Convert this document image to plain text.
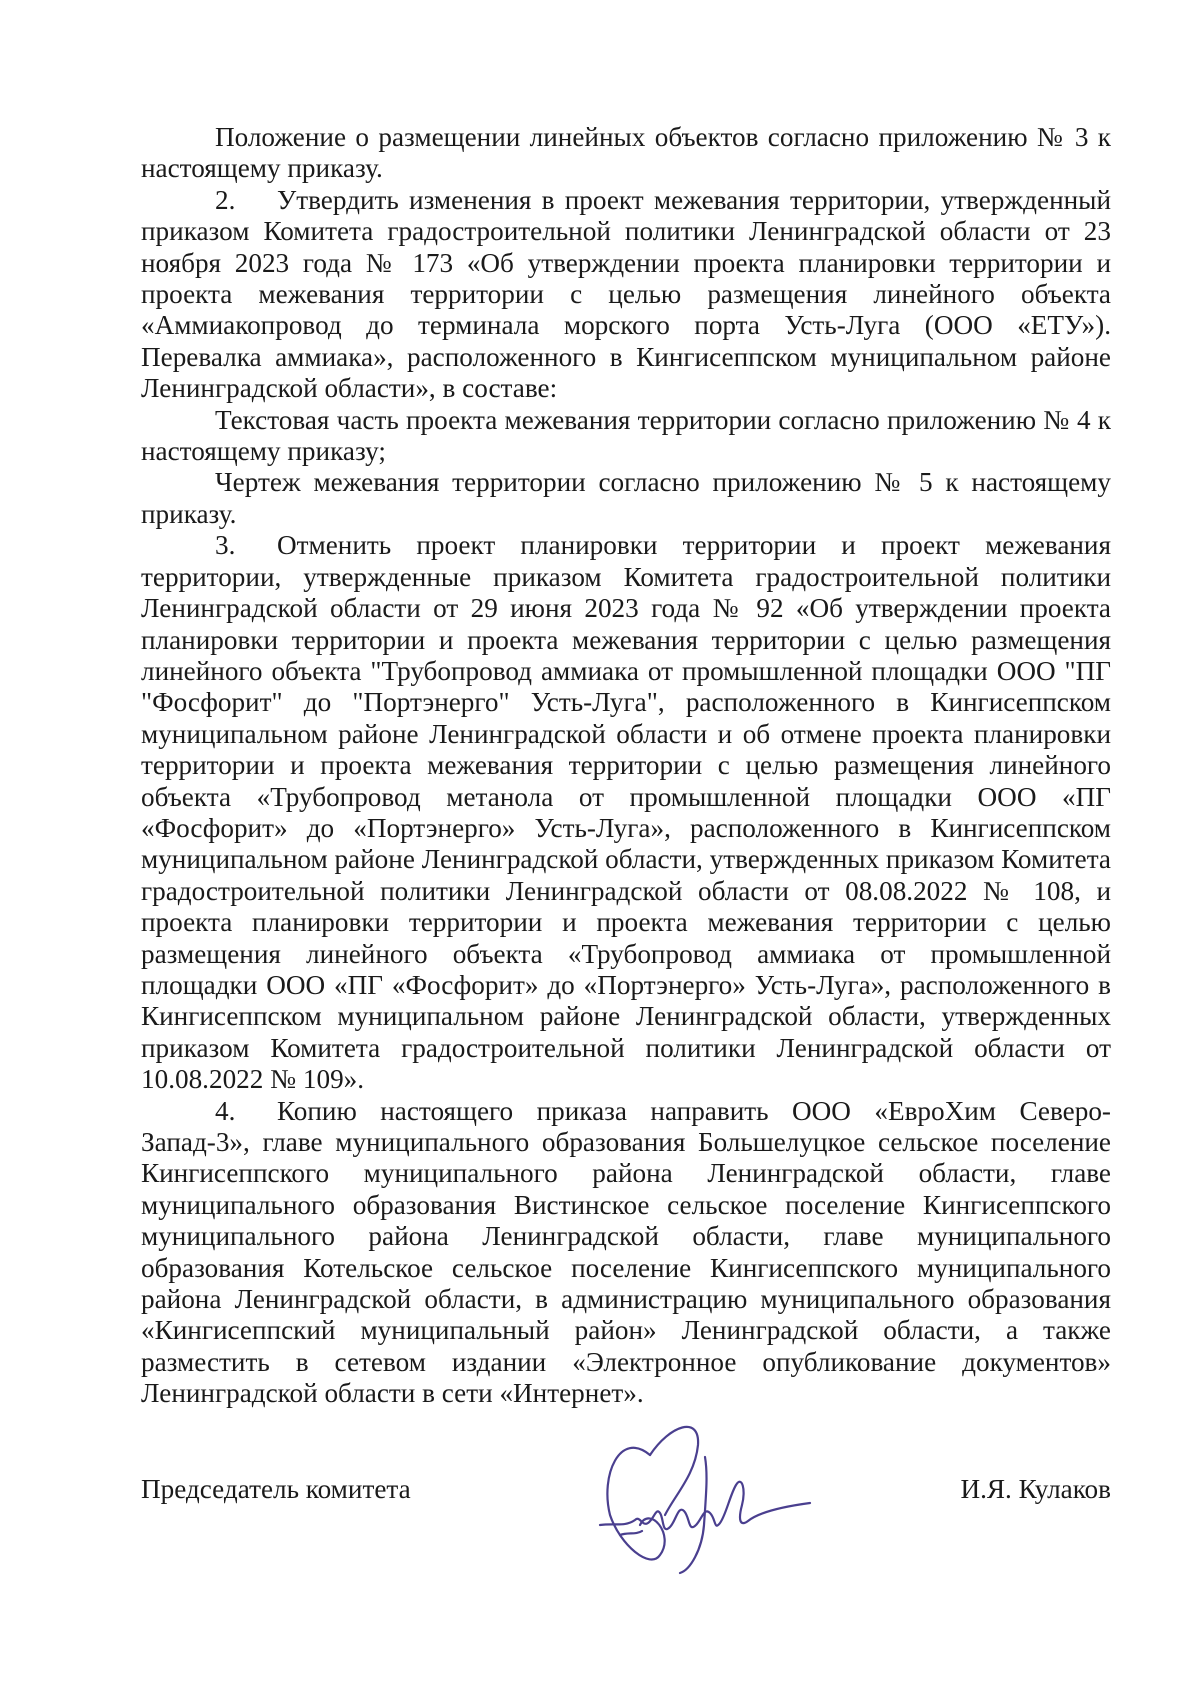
Положение о размещении линейных объектов согласно приложению № 3 к настоящему приказу.

2. Утвердить изменения в проект межевания территории, утвержденный приказом Комитета градостроительной политики Ленинградской области от 23 ноября 2023 года № 173 «Об утверждении проекта планировки территории и проекта межевания территории с целью размещения линейного объекта «Аммиакопровод до терминала морского порта Усть-Луга (ООО «ЕТУ»). Перевалка аммиака», расположенного в Кингисеппском муниципальном районе Ленинградской области», в составе:

Текстовая часть проекта межевания территории согласно приложению № 4 к настоящему приказу;

Чертеж межевания территории согласно приложению № 5 к настоящему приказу.

3. Отменить проект планировки территории и проект межевания территории, утвержденные приказом Комитета градостроительной политики Ленинградской области от 29 июня 2023 года № 92 «Об утверждении проекта планировки территории и проекта межевания территории с целью размещения линейного объекта "Трубопровод аммиака от промышленной площадки ООО "ПГ "Фосфорит" до "Портэнерго" Усть-Луга", расположенного в Кингисеппском муниципальном районе Ленинградской области и об отмене проекта планировки территории и проекта межевания территории с целью размещения линейного объекта «Трубопровод метанола от промышленной площадки ООО «ПГ «Фосфорит» до «Портэнерго» Усть-Луга», расположенного в Кингисеппском муниципальном районе Ленинградской области, утвержденных приказом Комитета градостроительной политики Ленинградской области от 08.08.2022 № 108, и проекта планировки территории и проекта межевания территории с целью размещения линейного объекта «Трубопровод аммиака от промышленной площадки ООО «ПГ «Фосфорит» до «Портэнерго» Усть-Луга», расположенного в Кингисеппском муниципальном районе Ленинградской области, утвержденных приказом Комитета градостроительной политики Ленинградской области от 10.08.2022 № 109».

4. Копию настоящего приказа направить ООО «ЕвроХим Северо-Запад-3», главе муниципального образования Большелуцкое сельское поселение Кингисеппского муниципального района Ленинградской области, главе муниципального образования Вистинское сельское поселение Кингисеппского муниципального района Ленинградской области, главе муниципального образования Котельское сельское поселение Кингисеппского муниципального района Ленинградской области, в администрацию муниципального образования «Кингисеппский муниципальный район» Ленинградской области, а также разместить в сетевом издании «Электронное опубликование документов» Ленинградской области в сети «Интернет».

Председатель комитета	И.Я. Кулаков
